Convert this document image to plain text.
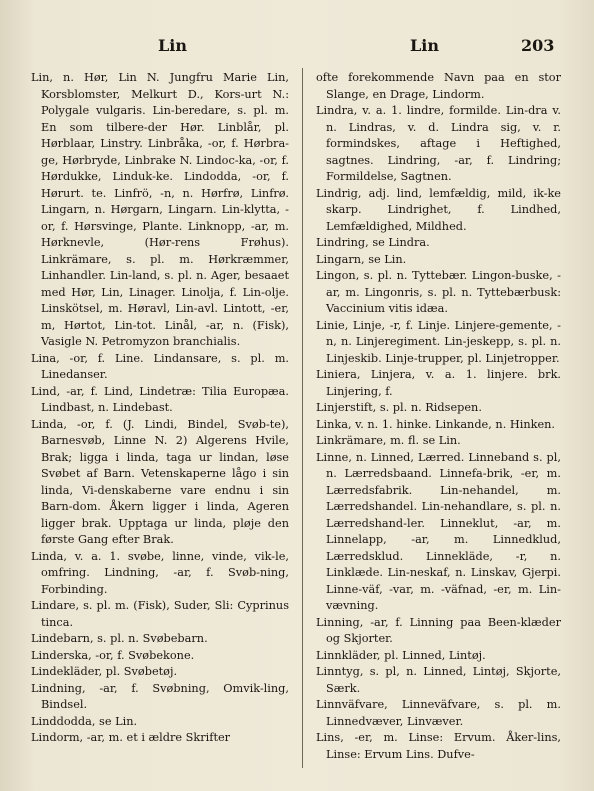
Lin	Lin	203

Lin, n. Hør, Lin N. Jungfru Marie Lin, Korsblomster, Melkurt D., Kors-urt N.: Polygale vulgaris. Lin-beredare, s. pl. m. En som tilbere-der Hør. Linblår, pl. Hørblaar, Linstry. Linbråka, -or, f. Hørbra-ge, Hørbryde, Linbrake N. Lindoc-ka, -or, f. Hørdukke, Linduk-ke. Lindodda, -or, f. Hørurt. te. Linfrö, -n, n. Hørfrø, Linfrø. Lingarn, n. Hørgarn, Lingarn. Lin-klytta, -or, f. Hørsvinge, Plante. Linknopp, -ar, m. Hørknevle, (Hør-rens Frøhus). Linkrämare, s. pl. m. Hørkræmmer, Linhandler. Lin-land, s. pl. n. Ager, besaaet med Hør, Lin, Linager. Linolja, f. Lin-olje. Linskötsel, m. Høravl, Lin-avl. Lintott, -er, m, Hørtot, Lin-tot. Linål, -ar, n. (Fisk), Vasigle N. Petromyzon branchialis.

Lina, -or, f. Line. Lindansare, s. pl. m. Linedanser.

Lind, -ar, f. Lind, Lindetræ: Tilia Europæa. Lindbast, n. Lindebast.

Linda, -or, f. (J. Lindi, Bindel, Svøb-te), Barnesvøb, Linne N. 2) Algerens Hvile, Brak; ligga i linda, taga ur lindan, løse Svøbet af Barn. Vetenskaperne lågo i sin linda, Vi-denskaberne vare endnu i sin Barn-dom. Åkern ligger i linda, Ageren ligger brak. Upptaga ur linda, pløje den første Gang efter Brak.

Linda, v. a. 1. svøbe, linne, vinde, vik-le, omfring. Lindning, -ar, f. Svøb-ning, Forbinding.

Lindare, s. pl. m. (Fisk), Suder, Sli: Cyprinus tinca.

Lindebarn, s. pl. n. Svøbebarn.

Linderska, -or, f. Svøbekone.

Lindekläder, pl. Svøbetøj.

Lindning, -ar, f. Svøbning, Omvik-ling, Bindsel.

Linddodda, se Lin.

Lindorm, -ar, m. et i ældre Skrifter

ofte forekommende Navn paa en stor Slange, en Drage, Lindorm.

Lindra, v. a. 1. lindre, formilde. Lin-dra v. n. Lindras, v. d. Lindra sig, v. r. formindskes, aftage i Heftighed, sagtnes. Lindring, -ar, f. Lindring; Formildelse, Sagtnen.

Lindrig, adj. lind, lemfældig, mild, ik-ke skarp. Lindrighet, f. Lindhed, Lemfældighed, Mildhed.

Lindring, se Lindra.

Lingarn, se Lin.

Lingon, s. pl. n. Tyttebær. Lingon-buske, -ar, m. Lingonris, s. pl. n. Tyttebærbusk: Vaccinium vitis idæa.

Linie, Linje, -r, f. Linje. Linjere-gemente, -n, n. Linjeregiment. Lin-jeskepp, s. pl. n. Linjeskib. Linje-trupper, pl. Linjetropper.

Liniera, Linjera, v. a. 1. linjere. brk. Linjering, f.

Linjerstift, s. pl. n. Ridsepen.

Linka, v. n. 1. hinke. Linkande, n. Hinken.

Linkrämare, m. fl. se Lin.

Linne, n. Linned, Lærred. Linneband s. pl, n. Lærredsbaand. Linnefa-brik, -er, m. Lærredsfabrik. Lin-nehandel, m. Lærredshandel. Lin-nehandlare, s. pl. n. Lærredshand-ler. Linneklut, -ar, m. Linnelapp, -ar, m. Linnedklud, Lærredsklud. Linnekläde, -r, n. Linklæde. Lin-neskaf, n. Linskav, Gjerpi. Linne-väf, -var, m. -väfnad, -er, m. Lin-vævning.

Linning, -ar, f. Linning paa Been-klæder og Skjorter.

Linnkläder, pl. Linned, Lintøj.

Linntyg, s. pl, n. Linned, Lintøj, Skjorte, Særk.

Linnväfvare, Linneväfvare, s. pl. m. Linnedvæver, Linvæver.

Lins, -er, m. Linse: Ervum. Åker-lins, Linse: Ervum Lins. Dufve-
